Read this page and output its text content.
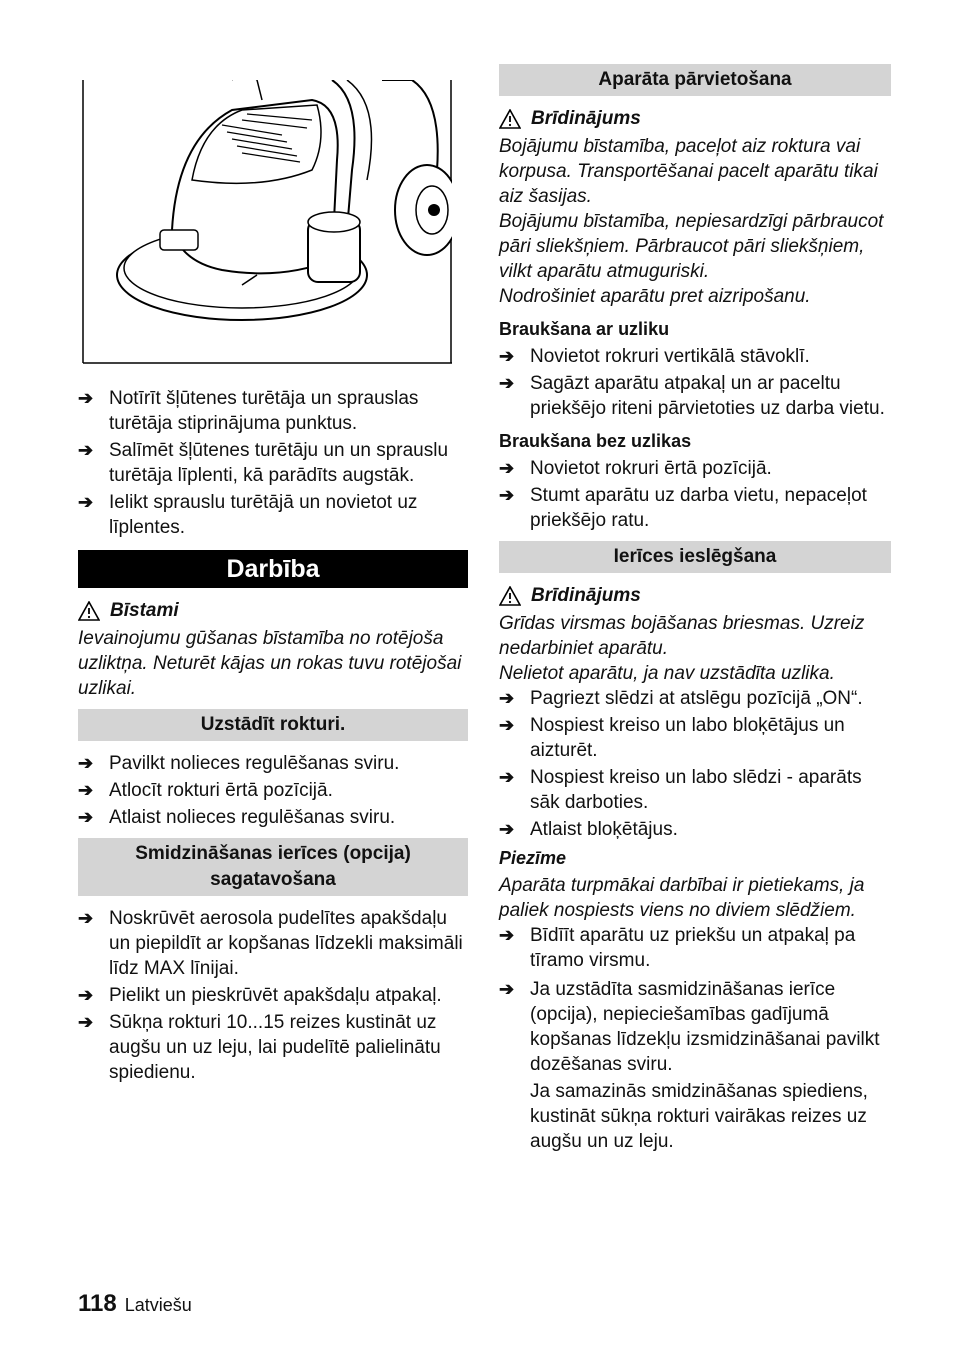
➔ Notīrīt šļūtenes turētāja un sprauslas turētāja stiprinājuma punktus.
➔ Salīmēt šļūtenes turētāju un un sprauslu turētāja līplenti, kā parādīts augstāk.
➔ Ielikt sprauslu turētājā un novietot uz līplentes.
Darbība
Bīstami

Ievainojumu gūšanas bīstamība no rotējoša uzliktņa. Neturēt kājas un rokas tuvu rotējošai uzlikai.

Uzstādīt rokturi.
➔ Pavilkt nolieces regulēšanas sviru.
➔ Atlocīt rokturi ērtā pozīcijā.
➔ Atlaist nolieces regulēšanas sviru.
Smidzināšanas ierīces (opcija) sagatavošana
➔ Noskrūvēt aerosola pudelītes apakšdaļu un piepildīt ar kopšanas līdzekli maksimāli līdz MAX līnijai.
➔ Pielikt un pieskrūvēt apakšdaļu atpakaļ.
➔ Sūkņa rokturi 10...15 reizes kustināt uz augšu un uz leju, lai pudelītē palielinātu spiedienu.
Aparāta pārvietošana
Brīdinājums

Bojājumu bīstamība, paceļot aiz roktura vai korpusa. Transportēšanai pacelt aparātu tikai aiz šasijas.
Bojājumu bīstamība, nepiesardzīgi pārbraucot pāri sliekšņiem. Pārbraucot pāri sliekšņiem, vilkt aparātu atmuguriski.
Nodrošiniet aparātu pret aizripošanu.

Braukšana ar uzliku
➔ Novietot rokruri vertikālā stāvoklī.
➔ Sagāzt aparātu atpakaļ un ar paceltu priekšējo riteni pārvietoties uz darba vietu.
Braukšana bez uzlikas
➔ Novietot rokruri ērtā pozīcijā.
➔ Stumt aparātu uz darba vietu, nepaceļot priekšējo ratu.
Ierīces ieslēgšana
Brīdinājums

Grīdas virsmas bojāšanas briesmas. Uzreiz nedarbiniet aparātu.
Nelietot aparātu, ja nav uzstādīta uzlika.

➔ Pagriezt slēdzi at atslēgu pozīcijā „ON“.
➔ Nospiest kreiso un labo bloķētājus un aizturēt.
➔ Nospiest kreiso un labo slēdzi - aparāts sāk darboties.
➔ Atlaist bloķētājus.
Piezīme

Aparāta turpmākai darbībai ir pietiekams, ja paliek nospiests viens no diviem slēdžiem.

➔ Bīdīīt aparātu uz priekšu un atpakaļ pa tīramo virsmu.
➔ Ja uzstādīta sasmidzināšanas ierīce (opcija), nepieciešamības gadījumā kopšanas līdzekļu izsmidzināšanai pavilkt dozēšanas sviru.

Ja samazinās smidzināšanas spiediens, kustināt sūkņa rokturi vairākas reizes uz augšu un uz leju.

118 Latviešu
